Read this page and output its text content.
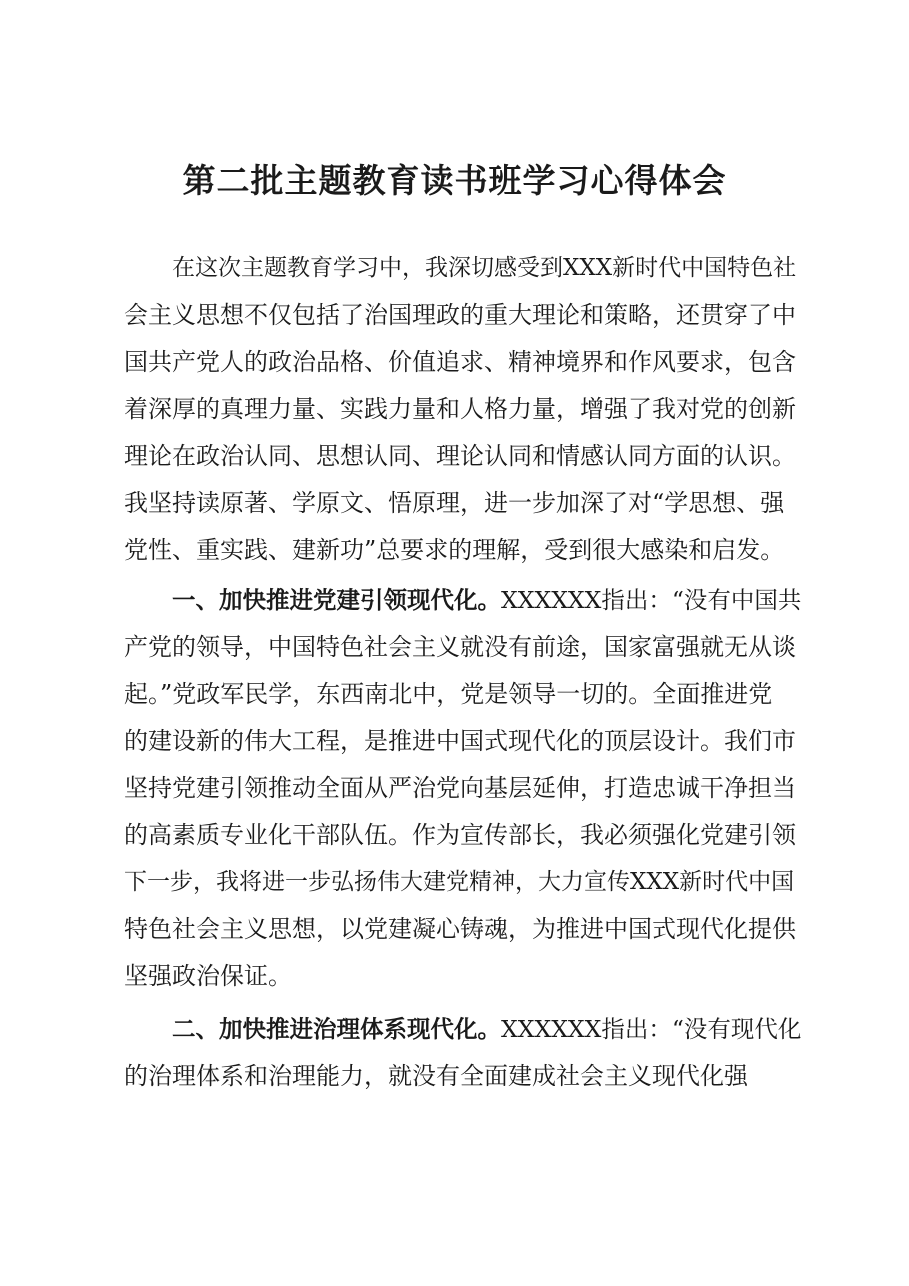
第二批主题教育读书班学习心得体会
在这次主题教育学习中，我深切感受到XXX新时代中国特色社
会主义思想不仅包括了治国理政的重大理论和策略，还贯穿了中
国共产党人的政治品格、价值追求、精神境界和作风要求，包含
着深厚的真理力量、实践力量和人格力量，增强了我对党的创新
理论在政治认同、思想认同、理论认同和情感认同方面的认识。
我坚持读原著、学原文、悟原理，进一步加深了对“学思想、强
党性、重实践、建新功”总要求的理解，受到很大感染和启发。
一、加快推进党建引领现代化。XXXXXX指出：“没有中国共
产党的领导，中国特色社会主义就没有前途，国家富强就无从谈
起。”党政军民学，东西南北中，党是领导一切的。全面推进党
的建设新的伟大工程，是推进中国式现代化的顶层设计。我们市
坚持党建引领推动全面从严治党向基层延伸，打造忠诚干净担当
的高素质专业化干部队伍。作为宣传部长，我必须强化党建引领
下一步，我将进一步弘扬伟大建党精神，大力宣传XXX新时代中国
特色社会主义思想，以党建凝心铸魂，为推进中国式现代化提供
坚强政治保证。
二、加快推进治理体系现代化。XXXXXX指出：“没有现代化
的治理体系和治理能力，就没有全面建成社会主义现代化强
